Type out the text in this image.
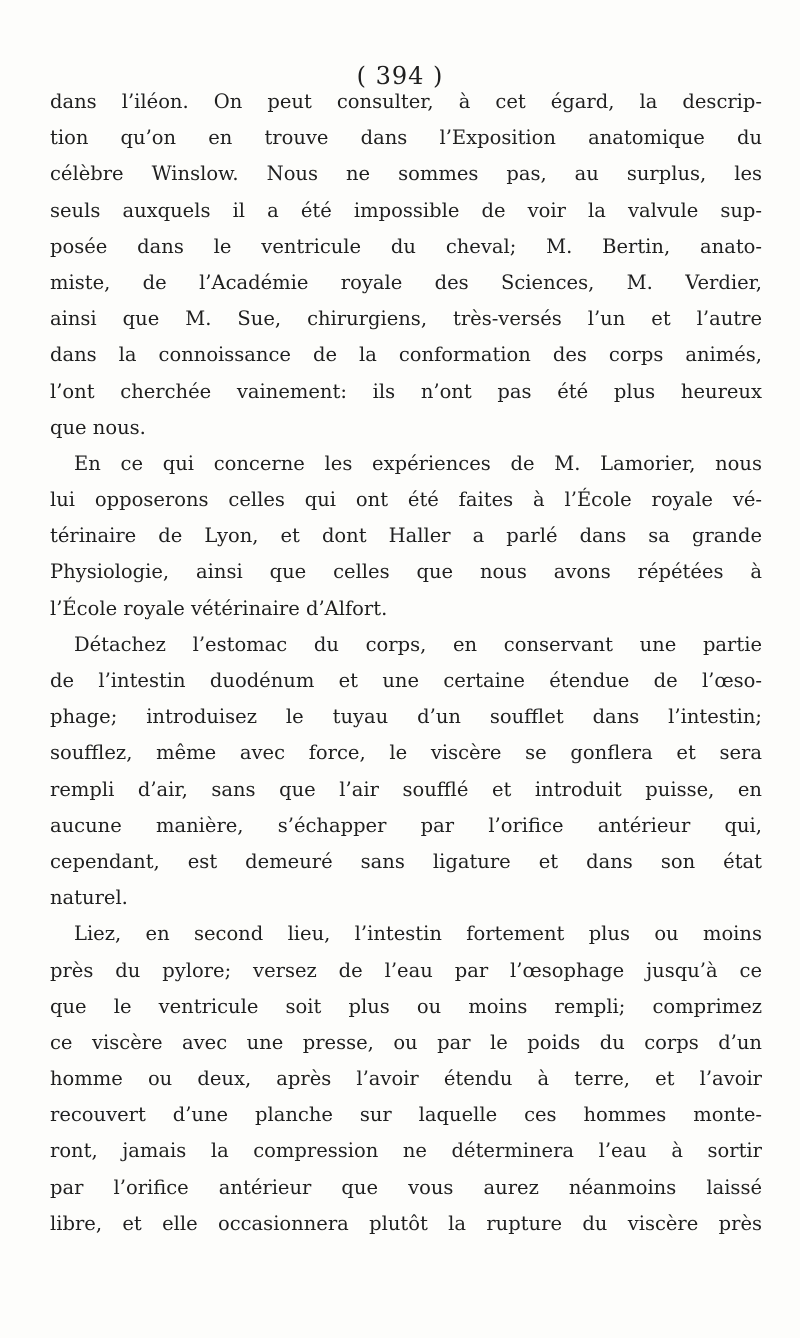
( 394 )
dans l’iléon. On peut consulter, à cet égard, la descrip-
tion qu’on en trouve dans l’Exposition anatomique du
célèbre Winslow. Nous ne sommes pas, au surplus, les
seuls auxquels il a été impossible de voir la valvule sup-
posée dans le ventricule du cheval; M. Bertin, anato-
miste, de l’Académie royale des Sciences, M. Verdier,
ainsi que M. Sue, chirurgiens, très-versés l’un et l’autre
dans la connoissance de la conformation des corps animés,
l’ont cherchée vainement: ils n’ont pas été plus heureux
que nous.
En ce qui concerne les expériences de M. Lamorier, nous
lui opposerons celles qui ont été faites à l’École royale vé-
térinaire de Lyon, et dont Haller a parlé dans sa grande
Physiologie, ainsi que celles que nous avons répétées à
l’École royale vétérinaire d’Alfort.
Détachez l’estomac du corps, en conservant une partie
de l’intestin duodénum et une certaine étendue de l’œso-
phage; introduisez le tuyau d’un soufflet dans l’intestin;
soufflez, même avec force, le viscère se gonflera et sera
rempli d’air, sans que l’air soufflé et introduit puisse, en
aucune manière, s’échapper par l’orifice antérieur qui,
cependant, est demeuré sans ligature et dans son état
naturel.
Liez, en second lieu, l’intestin fortement plus ou moins
près du pylore; versez de l’eau par l’œsophage jusqu’à ce
que le ventricule soit plus ou moins rempli; comprimez
ce viscère avec une presse, ou par le poids du corps d’un
homme ou deux, après l’avoir étendu à terre, et l’avoir
recouvert d’une planche sur laquelle ces hommes monte-
ront, jamais la compression ne déterminera l’eau à sortir
par l’orifice antérieur que vous aurez néanmoins laissé
libre, et elle occasionnera plutôt la rupture du viscère près
